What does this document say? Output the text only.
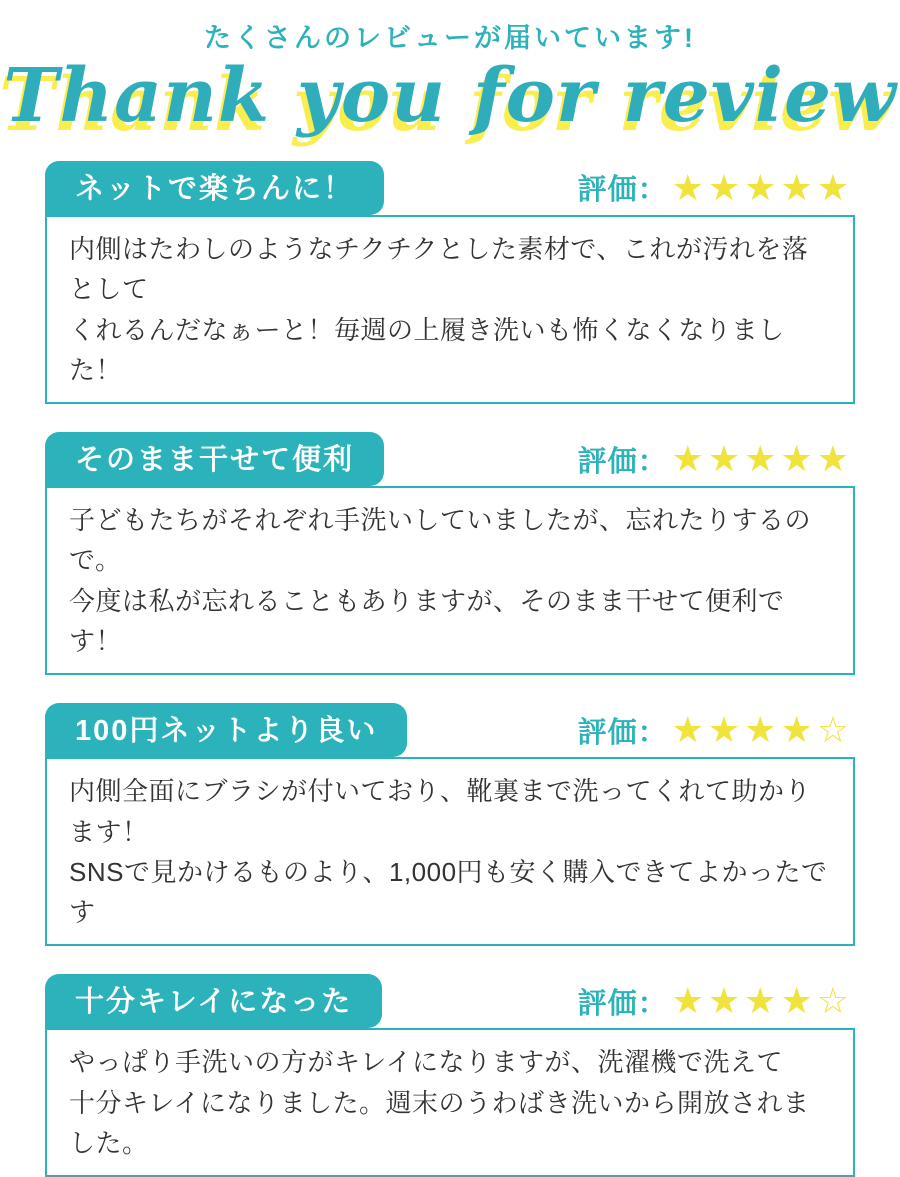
たくさんのレビューが届いています!
Thank you for review
ネットで楽ちんに！	評価： ★★★★★

内側はたわしのようなチクチクとした素材で、これが汚れを落として

くれるんだなぁーと！毎週の上履き洗いも怖くなくなりました！

そのまま干せて便利	評価： ★★★★★

子どもたちがそれぞれ手洗いしていましたが、忘れたりするので。

今度は私が忘れることもありますが、そのまま干せて便利です！

100円ネットより良い	評価： ★★★★☆

内側全面にブラシが付いており、靴裏まで洗ってくれて助かります！

SNSで見かけるものより、1,000円も安く購入できてよかったです

十分キレイになった	評価： ★★★★☆

やっぱり手洗いの方がキレイになりますが、洗濯機で洗えて

十分キレイになりました。週末のうわばき洗いから開放されました。
